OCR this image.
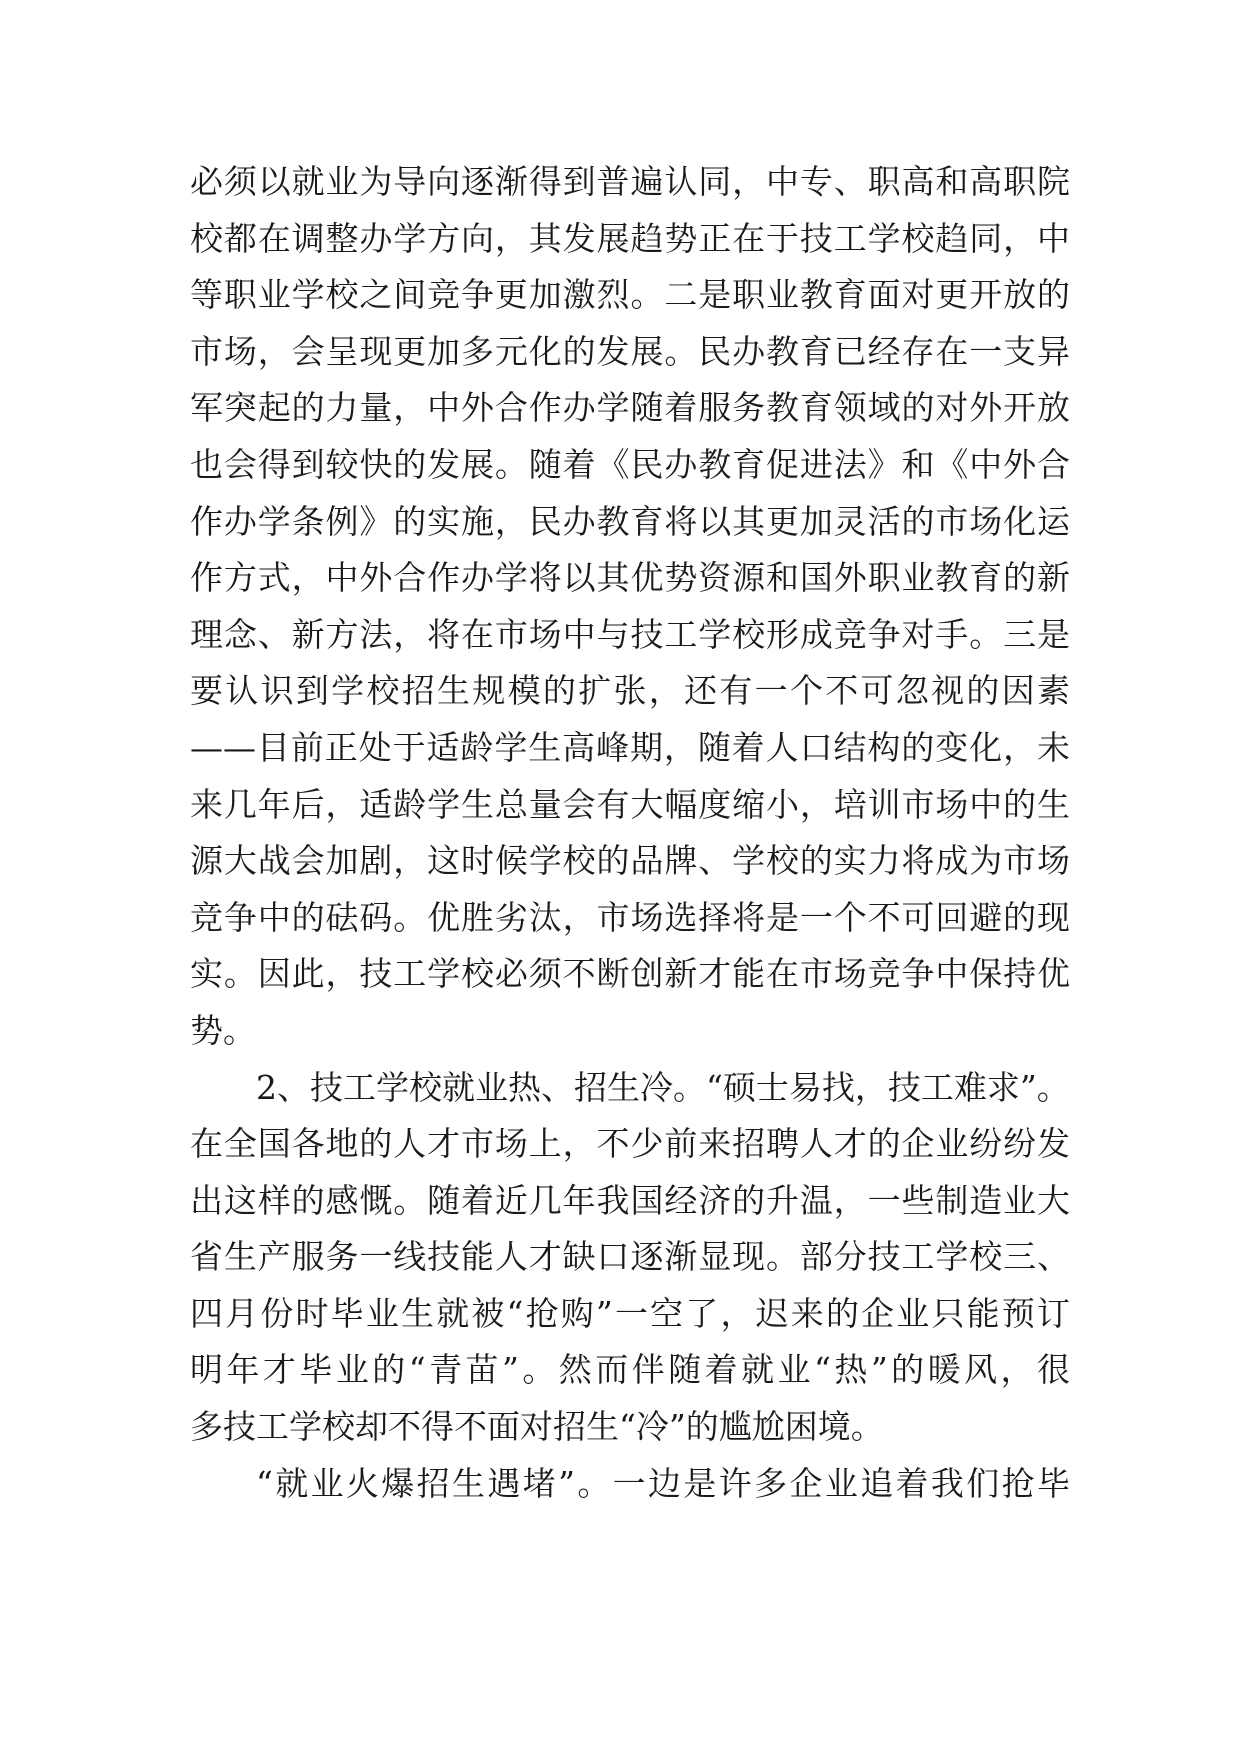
必须以就业为导向逐渐得到普遍认同，中专、职高和高职院
校都在调整办学方向，其发展趋势正在于技工学校趋同，中
等职业学校之间竞争更加激烈。二是职业教育面对更开放的
市场，会呈现更加多元化的发展。民办教育已经存在一支异
军突起的力量，中外合作办学随着服务教育领域的对外开放
也会得到较快的发展。随着《民办教育促进法》和《中外合
作办学条例》的实施，民办教育将以其更加灵活的市场化运
作方式，中外合作办学将以其优势资源和国外职业教育的新
理念、新方法，将在市场中与技工学校形成竞争对手。三是
要认识到学校招生规模的扩张，还有一个不可忽视的因素
——目前正处于适龄学生高峰期，随着人口结构的变化，未
来几年后，适龄学生总量会有大幅度缩小，培训市场中的生
源大战会加剧，这时候学校的品牌、学校的实力将成为市场
竞争中的砝码。优胜劣汰，市场选择将是一个不可回避的现
实。因此，技工学校必须不断创新才能在市场竞争中保持优
势。
2、技工学校就业热、招生冷。“硕士易找，技工难求”。
在全国各地的人才市场上，不少前来招聘人才的企业纷纷发
出这样的感慨。随着近几年我国经济的升温，一些制造业大
省生产服务一线技能人才缺口逐渐显现。部分技工学校三、
四月份时毕业生就被“抢购”一空了，迟来的企业只能预订
明年才毕业的“青苗”。然而伴随着就业“热”的暖风，很
多技工学校却不得不面对招生“冷”的尴尬困境。
“就业火爆招生遇堵”。一边是许多企业追着我们抢毕
